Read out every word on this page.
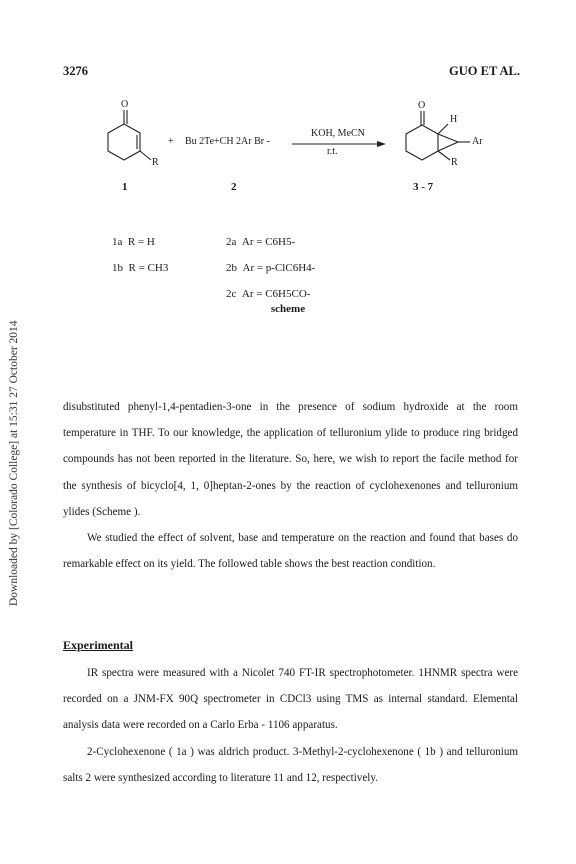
3276	GUO ET AL.
Downloaded by [Colorado College] at 15:31 27 October 2014
O
R
+ Bu 2Te+CH 2Ar Br -
KOH, MeCN
r.t.
O
H
Ar
R
1	2	3 - 7
1a R = H
1b R = CH3
2a Ar = C6H5-
2b Ar = p-ClC6H4-
2c Ar = C6H5CO-
scheme

disubstituted phenyl-1,4-pentadien-3-one in the presence of sodium hydroxide at the room temperature in THF. To our knowledge, the application of telluronium ylide to produce ring bridged compounds has not been reported in the literature. So, here, we wish to report the facile method for the synthesis of bicyclo[4, 1, 0]heptan-2-ones by the reaction of cyclohexenones and telluronium ylides (Scheme ).

We studied the effect of solvent, base and temperature on the reaction and found that bases do remarkable effect on its yield. The followed table shows the best reaction condition.

Experimental

IR spectra were measured with a Nicolet 740 FT-IR spectrophotometer. 1HNMR spectra were recorded on a JNM-FX 90Q spectrometer in CDCl3 using TMS as internal standard. Elemental analysis data were recorded on a Carlo Erba - 1106 apparatus.

2-Cyclohexenone ( 1a ) was aldrich product. 3-Methyl-2-cyclohexenone ( 1b ) and telluronium salts 2 were synthesized according to literature 11 and 12, respectively.
